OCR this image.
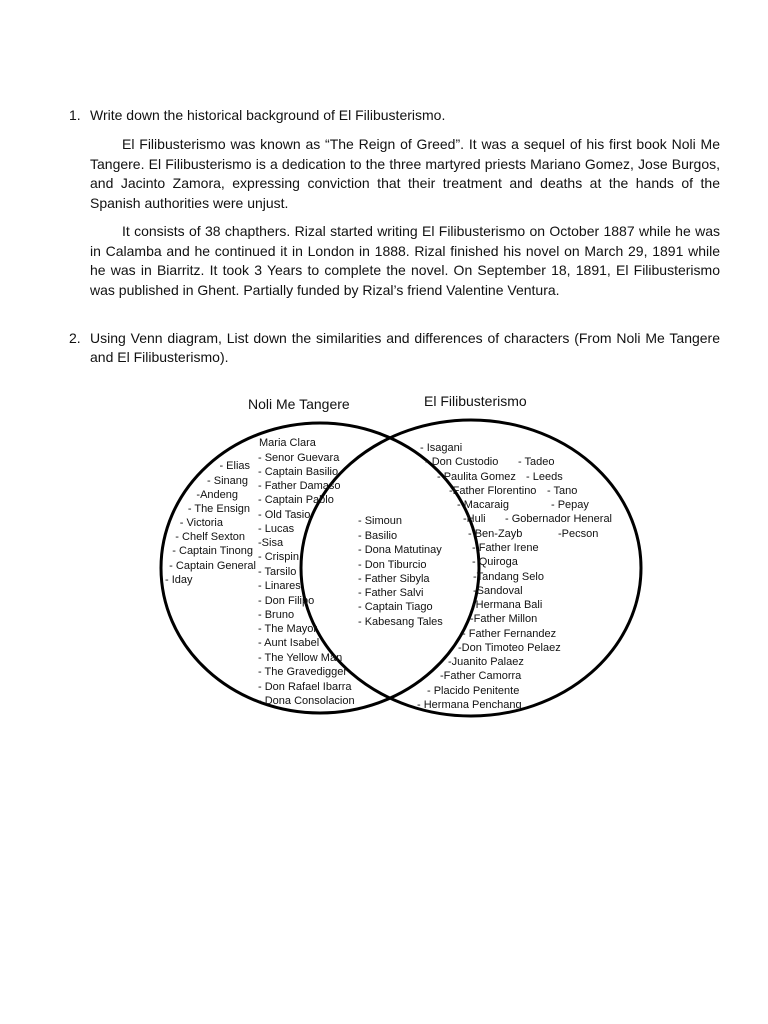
1. Write down the historical background of El Filibusterismo.

El Filibusterismo was known as “The Reign of Greed”. It was a sequel of his first book Noli Me Tangere. El Filibusterismo is a dedication to the three martyred priests Mariano Gomez, Jose Burgos, and Jacinto Zamora, expressing conviction that their treatment and deaths at the hands of the Spanish authorities were unjust.

It consists of 38 chapthers. Rizal started writing El Filibusterismo on October 1887 while he was in Calamba and he continued it in London in 1888. Rizal finished his novel on March 29, 1891 while he was in Biarritz. It took 3 Years to complete the novel. On September 18, 1891, El Filibusterismo was published in Ghent. Partially funded by Rizal’s friend Valentine Ventura.

2. Using Venn diagram, List down the similarities and differences of characters (From Noli Me Tangere and El Filibusterismo).
Noli Me Tangere	El Filibusterismo
- Elias
- Sinang
-Andeng
- The Ensign
- Victoria
- Chelf Sexton
- Captain Tinong
- Captain General
- Iday
Maria Clara
- Senor Guevara
- Captain Basilio
- Father Damaso
- Captain Pablo
- Old Tasio
- Lucas
-Sisa
- Crispin
- Tarsilo
- Linares
- Don Filipo
- Bruno
- The Mayor
- Aunt Isabel
- The Yellow Man
- The Gravedigger
- Don Rafael Ibarra
- Dona Consolacion
- Simoun
- Basilio
- Dona Matutinay
- Don Tiburcio
- Father Sibyla
- Father Salvi
- Captain Tiago
- Kabesang Tales
- Isagani
- Don Custodio
- Paulita Gomez
-Father Florentino
- Macaraig
-Huli
- Ben-Zayb
- Father Irene
- Quiroga
-Tandang Selo
-Sandoval
-Hermana Bali
-Father Millon
- Father Fernandez
-Don Timoteo Pelaez
-Juanito Palaez
-Father Camorra
- Placido Penitente
- Hermana Penchang
- Tadeo
- Leeds
- Tano
- Pepay
- Gobernador Heneral
-Pecson
